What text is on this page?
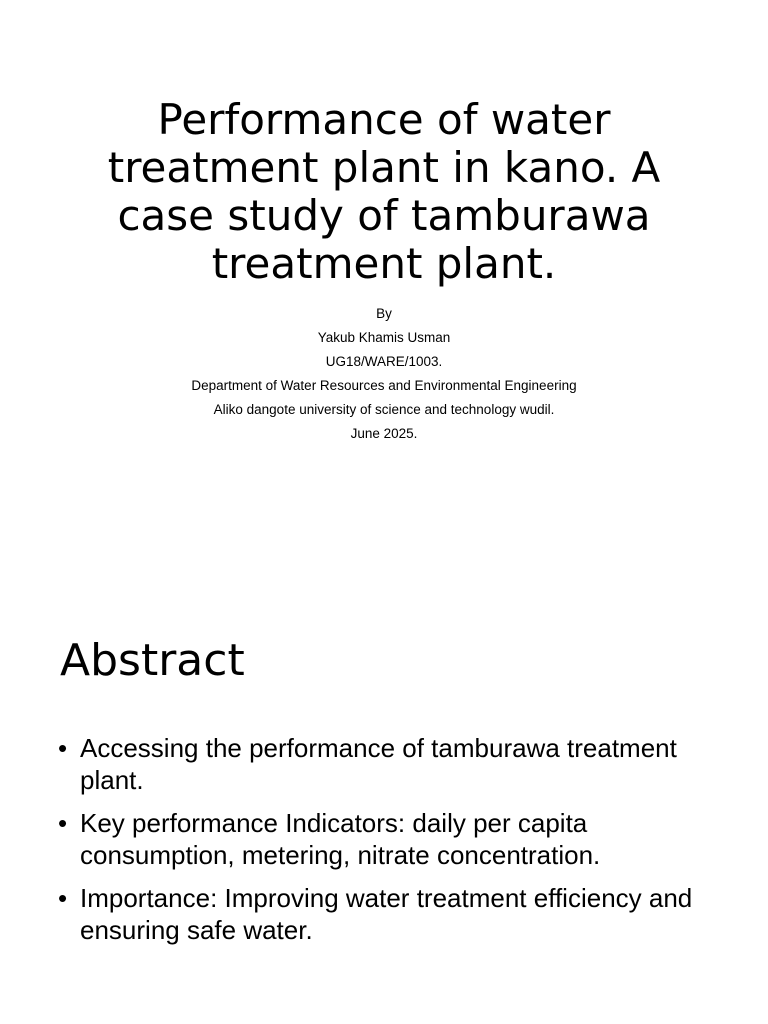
Performance of water treatment plant in kano. A case study of tamburawa treatment plant.
By
Yakub Khamis Usman
UG18/WARE/1003.
Department of Water Resources and Environmental Engineering
Aliko dangote university of science and technology wudil.
June 2025.
Abstract
• Accessing the performance of tamburawa treatment plant.
• Key performance Indicators: daily per capita consumption, metering, nitrate concentration.
• Importance: Improving water treatment efficiency and ensuring safe water.
